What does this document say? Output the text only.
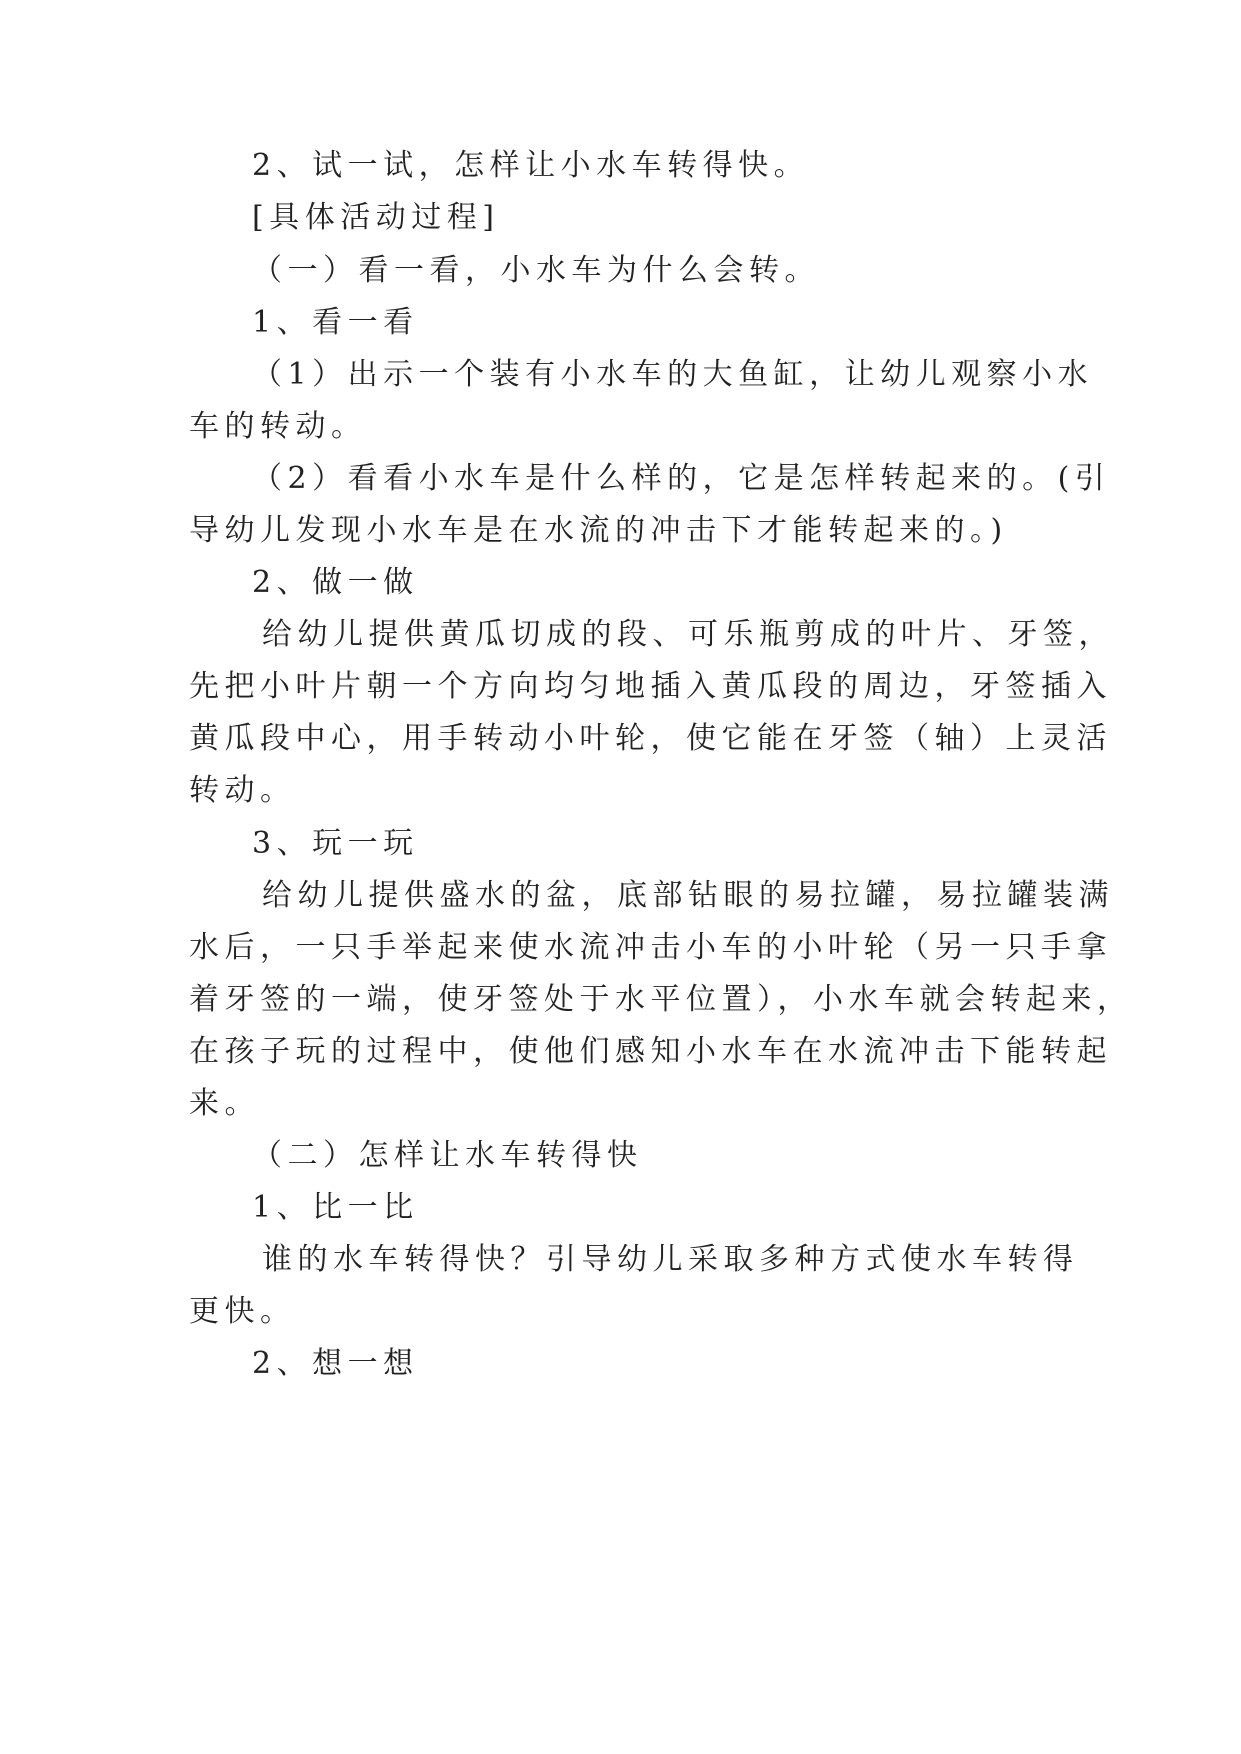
2、试一试，怎样让小水车转得快。
[具体活动过程]
（一）看一看，小水车为什么会转。
1、看一看
（1）出示一个装有小水车的大鱼缸，让幼儿观察小水
车的转动。
（2）看看小水车是什么样的，它是怎样转起来的。(引
导幼儿发现小水车是在水流的冲击下才能转起来的。)
2、做一做
给幼儿提供黄瓜切成的段、可乐瓶剪成的叶片、牙签，
先把小叶片朝一个方向均匀地插入黄瓜段的周边，牙签插入
黄瓜段中心，用手转动小叶轮，使它能在牙签（轴）上灵活
转动。
3、玩一玩
给幼儿提供盛水的盆，底部钻眼的易拉罐，易拉罐装满
水后，一只手举起来使水流冲击小车的小叶轮（另一只手拿
着牙签的一端，使牙签处于水平位置），小水车就会转起来，
在孩子玩的过程中，使他们感知小水车在水流冲击下能转起
来。
（二）怎样让水车转得快
1、比一比
谁的水车转得快？引导幼儿采取多种方式使水车转得
更快。
2、想一想
